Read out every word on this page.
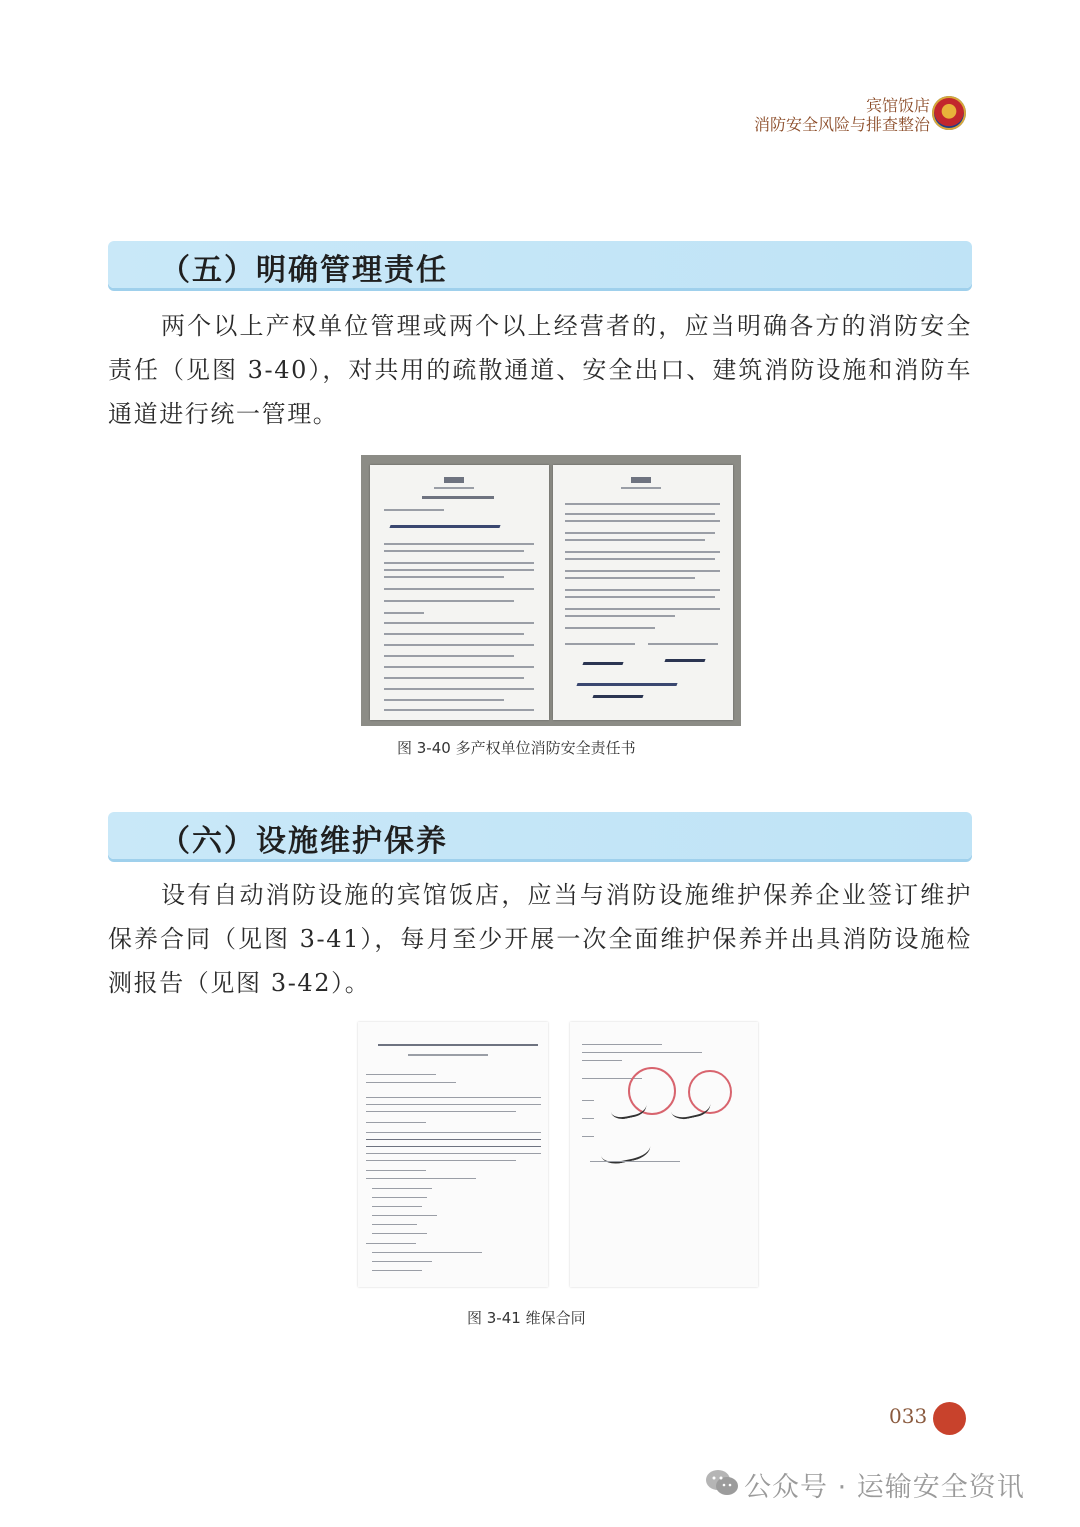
宾馆饭店
消防安全风险与排查整治
（五）明确管理责任

两个以上产权单位管理或两个以上经营者的，应当明确各方的消防安全责任（见图 3-40），对共用的疏散通道、安全出口、建筑消防设施和消防车通道进行统一管理。

图 3-40 多产权单位消防安全责任书
（六）设施维护保养

设有自动消防设施的宾馆饭店，应当与消防设施维护保养企业签订维护保养合同（见图 3-41），每月至少开展一次全面维护保养并出具消防设施检测报告（见图 3-42）。

图 3-41 维保合同
033
公众号 · 运输安全资讯
